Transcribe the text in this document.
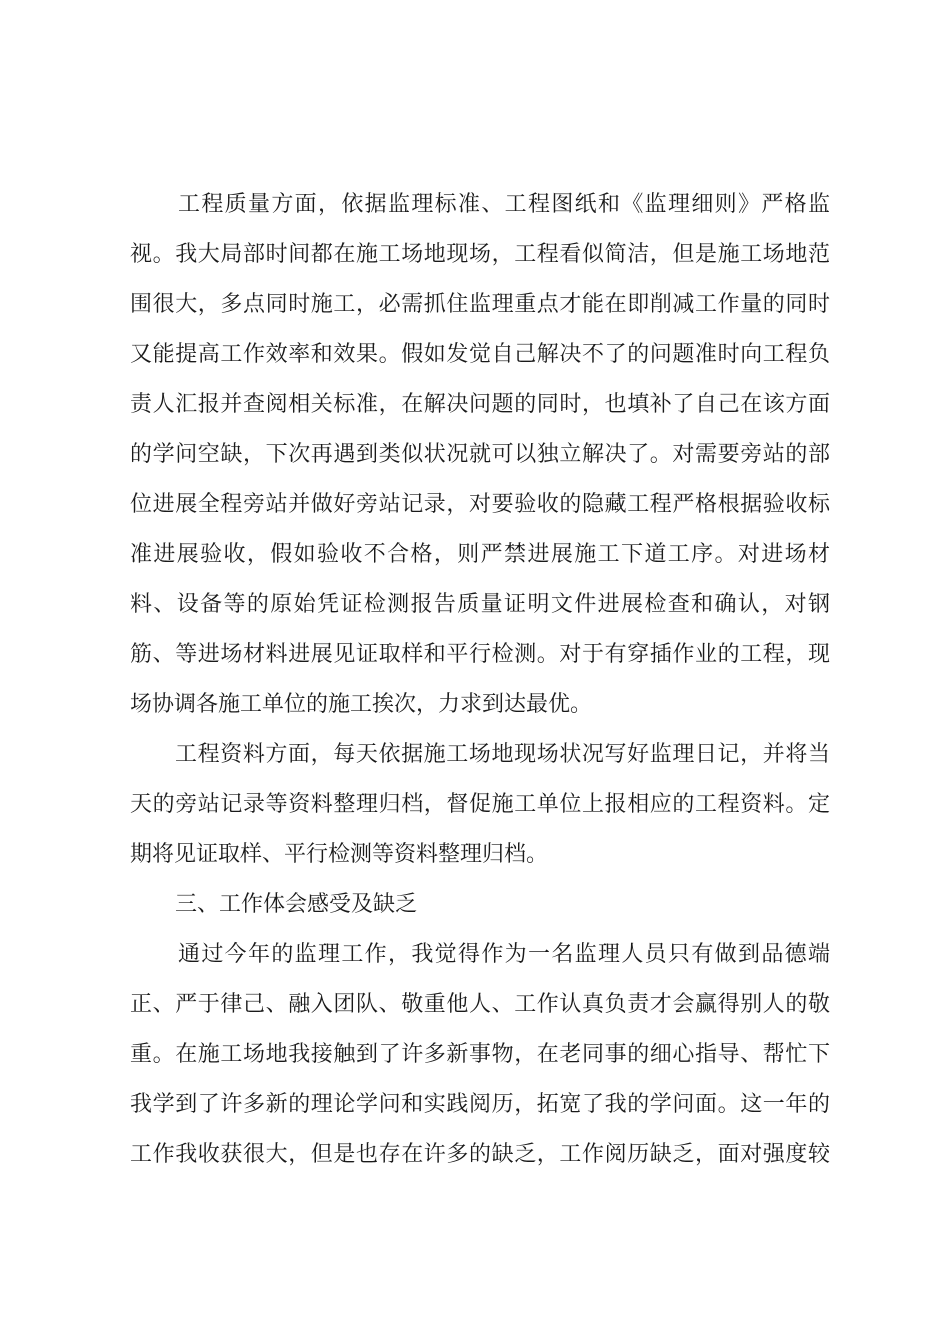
工程质量方面，依据监理标准、工程图纸和《监理细则》严格监
视。我大局部时间都在施工场地现场，工程看似简洁，但是施工场地范
围很大，多点同时施工，必需抓住监理重点才能在即削减工作量的同时
又能提高工作效率和效果。假如发觉自己解决不了的问题准时向工程负
责人汇报并查阅相关标准，在解决问题的同时，也填补了自己在该方面
的学问空缺，下次再遇到类似状况就可以独立解决了。对需要旁站的部
位进展全程旁站并做好旁站记录，对要验收的隐藏工程严格根据验收标
准进展验收，假如验收不合格，则严禁进展施工下道工序。对进场材
料、设备等的原始凭证检测报告质量证明文件进展检查和确认，对钢
筋、等进场材料进展见证取样和平行检测。对于有穿插作业的工程，现
场协调各施工单位的施工挨次，力求到达最优。
工程资料方面，每天依据施工场地现场状况写好监理日记，并将当
天的旁站记录等资料整理归档，督促施工单位上报相应的工程资料。定
期将见证取样、平行检测等资料整理归档。
三、工作体会感受及缺乏
通过今年的监理工作，我觉得作为一名监理人员只有做到品德端
正、严于律己、融入团队、敬重他人、工作认真负责才会赢得别人的敬
重。在施工场地我接触到了许多新事物，在老同事的细心指导、帮忙下
我学到了许多新的理论学问和实践阅历，拓宽了我的学问面。这一年的
工作我收获很大，但是也存在许多的缺乏，工作阅历缺乏，面对强度较
